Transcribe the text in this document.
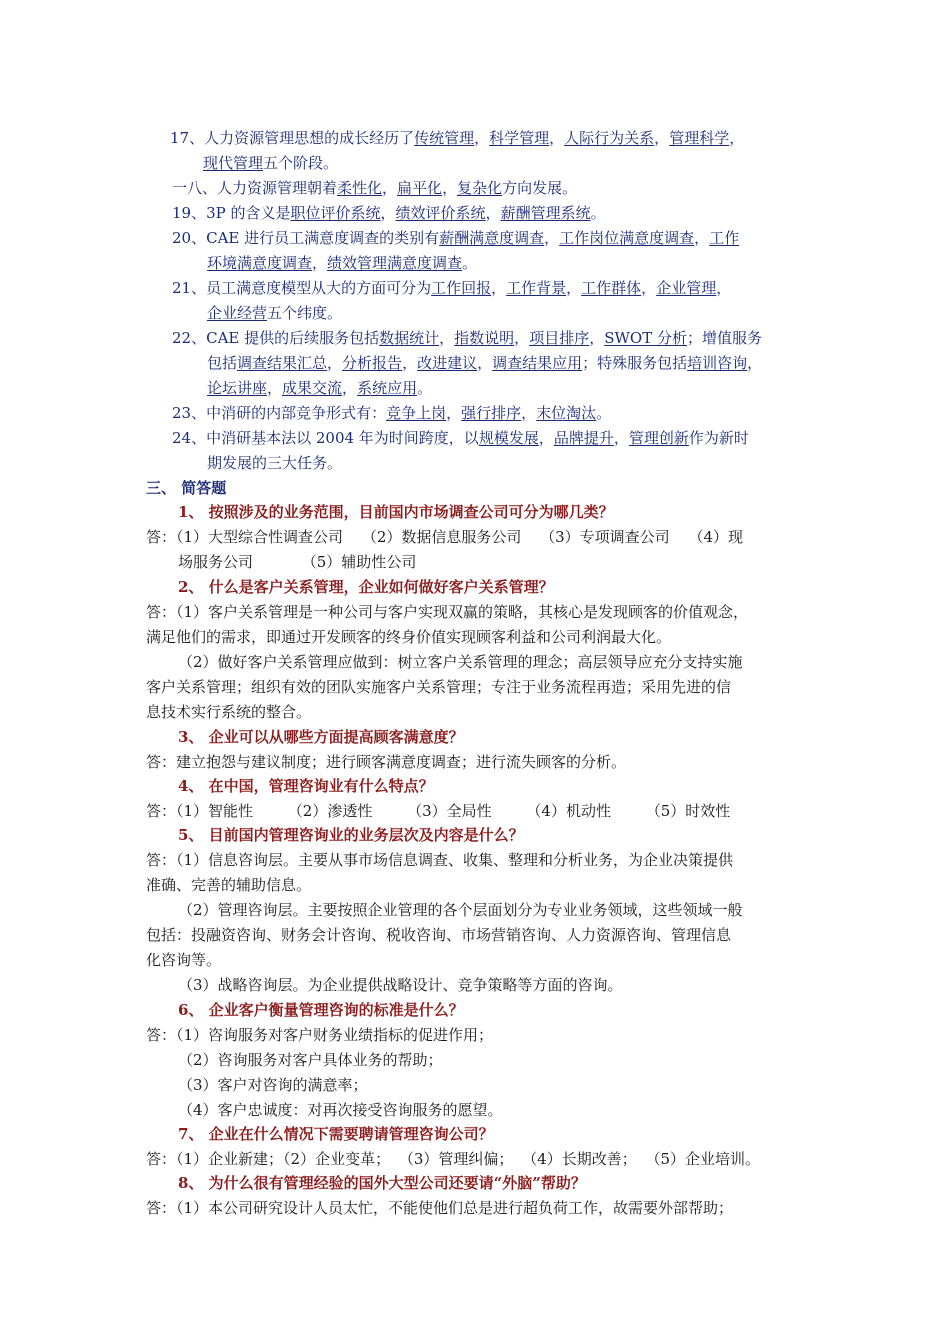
17、人力资源管理思想的成长经历了传统管理，科学管理，人际行为关系，管理科学，
现代管理五个阶段。
一八、人力资源管理朝着柔性化，扁平化，复杂化方向发展。
19、3P 的含义是职位评价系统，绩效评价系统，薪酬管理系统。
20、CAE 进行员工满意度调查的类别有薪酬满意度调查，工作岗位满意度调查，工作
环境满意度调查，绩效管理满意度调查。
21、员工满意度模型从大的方面可分为工作回报，工作背景，工作群体，企业管理，
企业经营五个纬度。
22、CAE 提供的后续服务包括数据统计，指数说明，项目排序，SWOT 分析；增值服务
包括调查结果汇总，分析报告，改进建议，调查结果应用；特殊服务包括培训咨询，
论坛讲座，成果交流，系统应用。
23、中消研的内部竞争形式有：竞争上岗，强行排序，末位淘汰。
24、中消研基本法以 2004 年为时间跨度，以规模发展，品牌提升，管理创新作为新时
期发展的三大任务。
三、 简答题
1、 按照涉及的业务范围，目前国内市场调查公司可分为哪几类？
答：（1）大型综合性调查公司 （2）数据信息服务公司 （3）专项调查公司 （4）现
场服务公司 （5）辅助性公司
2、 什么是客户关系管理，企业如何做好客户关系管理？
答：（1）客户关系管理是一种公司与客户实现双赢的策略，其核心是发现顾客的价值观念，
满足他们的需求，即通过开发顾客的终身价值实现顾客利益和公司利润最大化。
（2）做好客户关系管理应做到：树立客户关系管理的理念；高层领导应充分支持实施
客户关系管理；组织有效的团队实施客户关系管理；专注于业务流程再造；采用先进的信
息技术实行系统的整合。
3、 企业可以从哪些方面提高顾客满意度？
答：建立抱怨与建议制度；进行顾客满意度调查；进行流失顾客的分析。
4、 在中国，管理咨询业有什么特点？
答：（1）智能性 （2）渗透性 （3）全局性 （4）机动性 （5）时效性
5、 目前国内管理咨询业的业务层次及内容是什么？
答：（1）信息咨询层。主要从事市场信息调查、收集、整理和分析业务，为企业决策提供
准确、完善的辅助信息。
（2）管理咨询层。主要按照企业管理的各个层面划分为专业业务领域，这些领域一般
包括：投融资咨询、财务会计咨询、税收咨询、市场营销咨询、人力资源咨询、管理信息
化咨询等。
（3）战略咨询层。为企业提供战略设计、竞争策略等方面的咨询。
6、 企业客户衡量管理咨询的标准是什么？
答：（1）咨询服务对客户财务业绩指标的促进作用；
（2）咨询服务对客户具体业务的帮助；
（3）客户对咨询的满意率；
（4）客户忠诚度：对再次接受咨询服务的愿望。
7、 企业在什么情况下需要聘请管理咨询公司？
答：（1）企业新建；（2）企业变革； （3）管理纠偏； （4）长期改善； （5）企业培训。
8、 为什么很有管理经验的国外大型公司还要请“外脑”帮助？
答：（1）本公司研究设计人员太忙，不能使他们总是进行超负荷工作，故需要外部帮助；
